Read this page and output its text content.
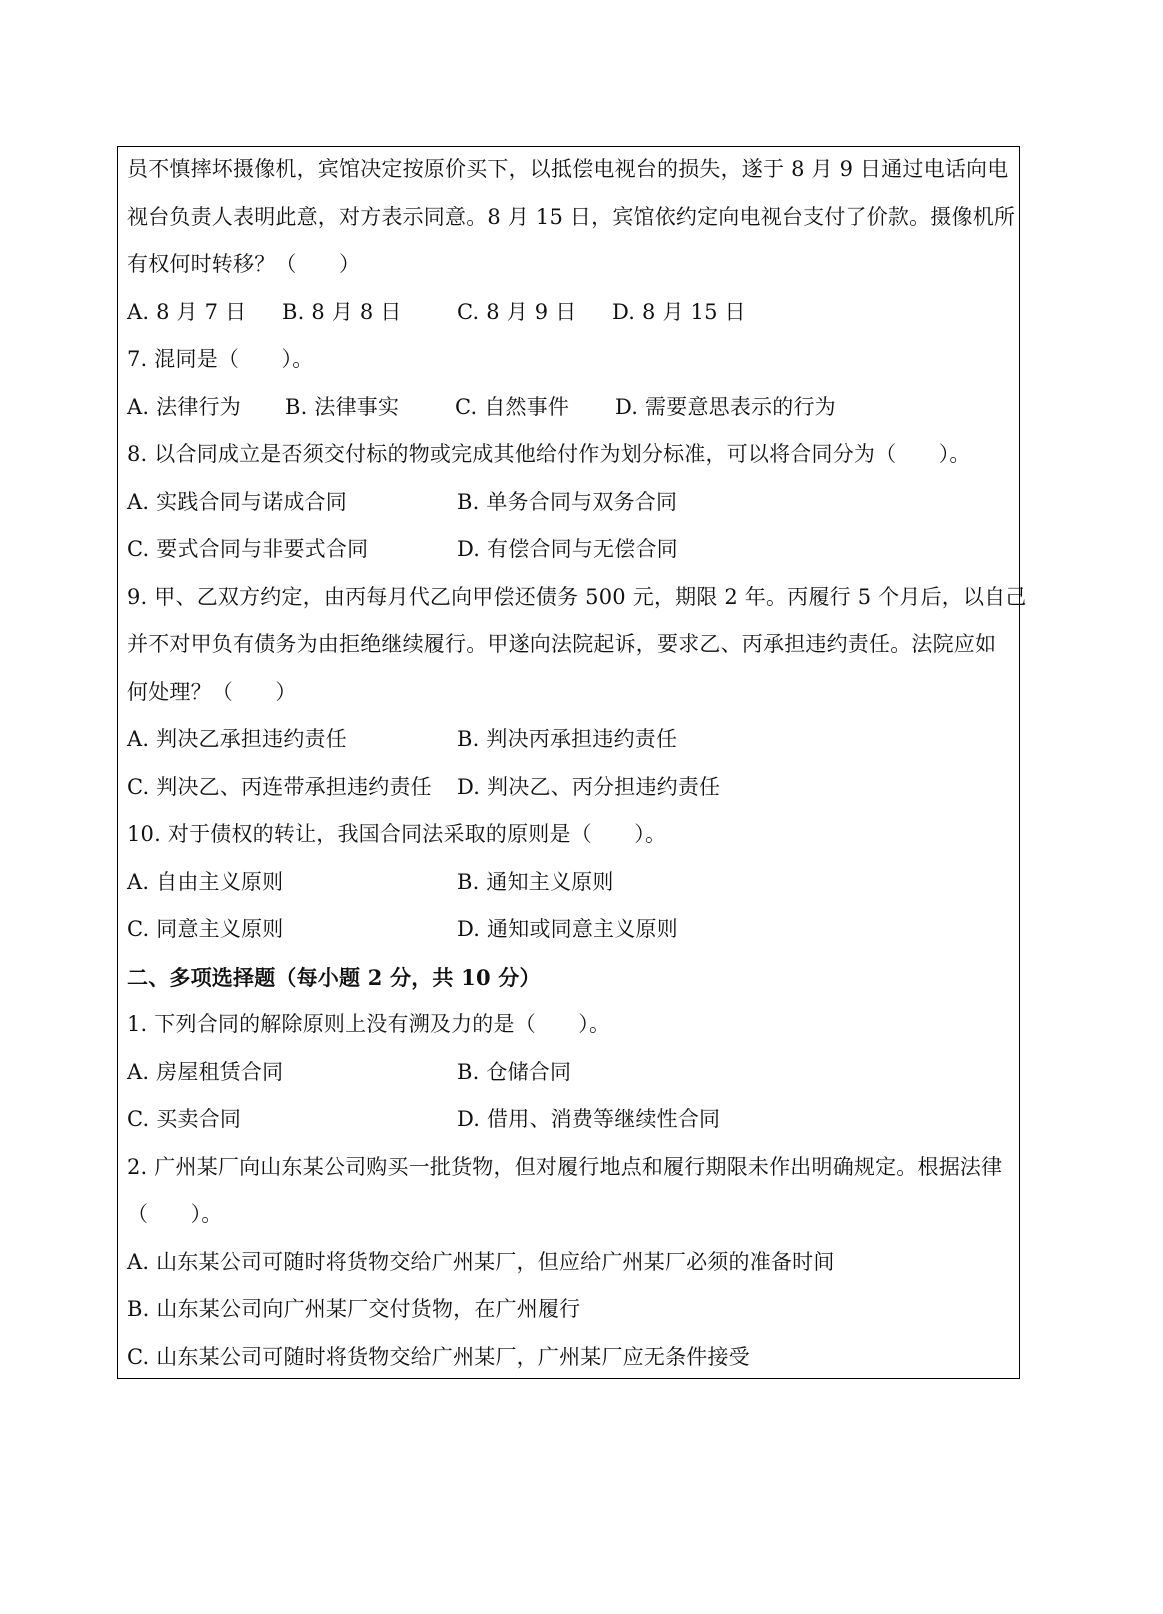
员不慎摔坏摄像机，宾馆决定按原价买下，以抵偿电视台的损失，遂于 8 月 9 日通过电话向电
视台负责人表明此意，对方表示同意。8 月 15 日，宾馆依约定向电视台支付了价款。摄像机所
有权何时转移？（　　）
A. 8 月 7 日 B. 8 月 8 日	C. 8 月 9 日 D. 8 月 15 日
7. 混同是（　　）。
A. 法律行为 B. 法律事实	C. 自然事件 D. 需要意思表示的行为
8. 以合同成立是否须交付标的物或完成其他给付作为划分标准，可以将合同分为（　　）。
A. 实践合同与诺成合同	B. 单务合同与双务合同
C. 要式合同与非要式合同	D. 有偿合同与无偿合同
9. 甲、乙双方约定，由丙每月代乙向甲偿还债务 500 元，期限 2 年。丙履行 5 个月后，以自己
并不对甲负有债务为由拒绝继续履行。甲遂向法院起诉，要求乙、丙承担违约责任。法院应如
何处理？（　　）
A. 判决乙承担违约责任	B. 判决丙承担违约责任
C. 判决乙、丙连带承担违约责任 D. 判决乙、丙分担违约责任
10. 对于债权的转让，我国合同法采取的原则是（　　）。
A. 自由主义原则	B. 通知主义原则
C. 同意主义原则	D. 通知或同意主义原则
二、多项选择题（每小题 2 分，共 10 分）
1. 下列合同的解除原则上没有溯及力的是（　　）。
A. 房屋租赁合同	B. 仓储合同
C. 买卖合同	D. 借用、消费等继续性合同
2. 广州某厂向山东某公司购买一批货物，但对履行地点和履行期限未作出明确规定。根据法律
（　　）。
A. 山东某公司可随时将货物交给广州某厂，但应给广州某厂必须的准备时间
B. 山东某公司向广州某厂交付货物，在广州履行
C. 山东某公司可随时将货物交给广州某厂，广州某厂应无条件接受
